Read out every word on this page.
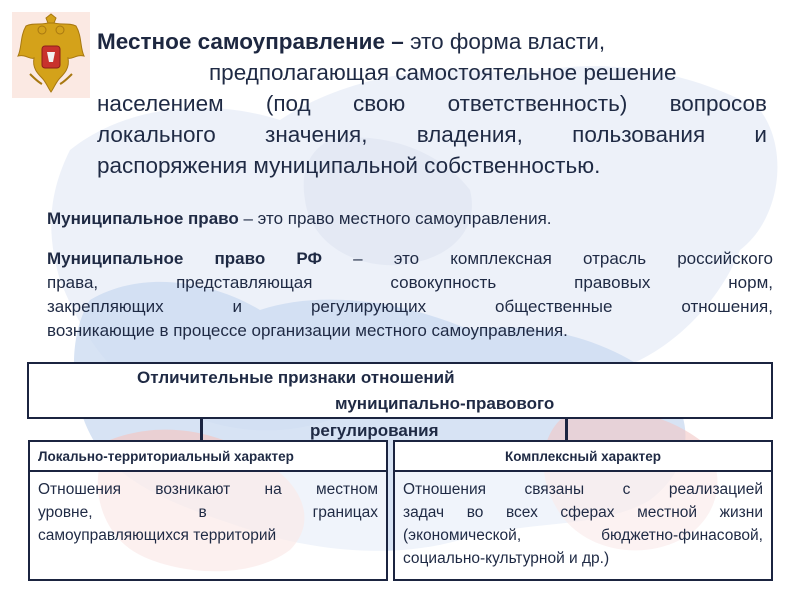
Местное самоуправление – это форма власти,
предполагающая самостоятельное решение
населением (под свою ответственность) вопросов
локального значения, владения, пользования и
распоряжения муниципальной собственностью.
Муниципальное право – это право местного самоуправления.
Муниципальное право РФ – это комплексная отрасль российского
права, представляющая совокупность правовых норм,
закрепляющих и регулирующих общественные отношения,
возникающие в процессе организации местного самоуправления.
Отличительные признаки отношений
муниципально-правового
регулирования
Локально-территориальный характер
Отношения возникают на местном
уровне, в границах
самоуправляющихся территорий
Комплексный характер
Отношения связаны с реализацией
задач во всех сферах местной жизни
(экономической, бюджетно-финасовой,
социально-культурной и др.)
